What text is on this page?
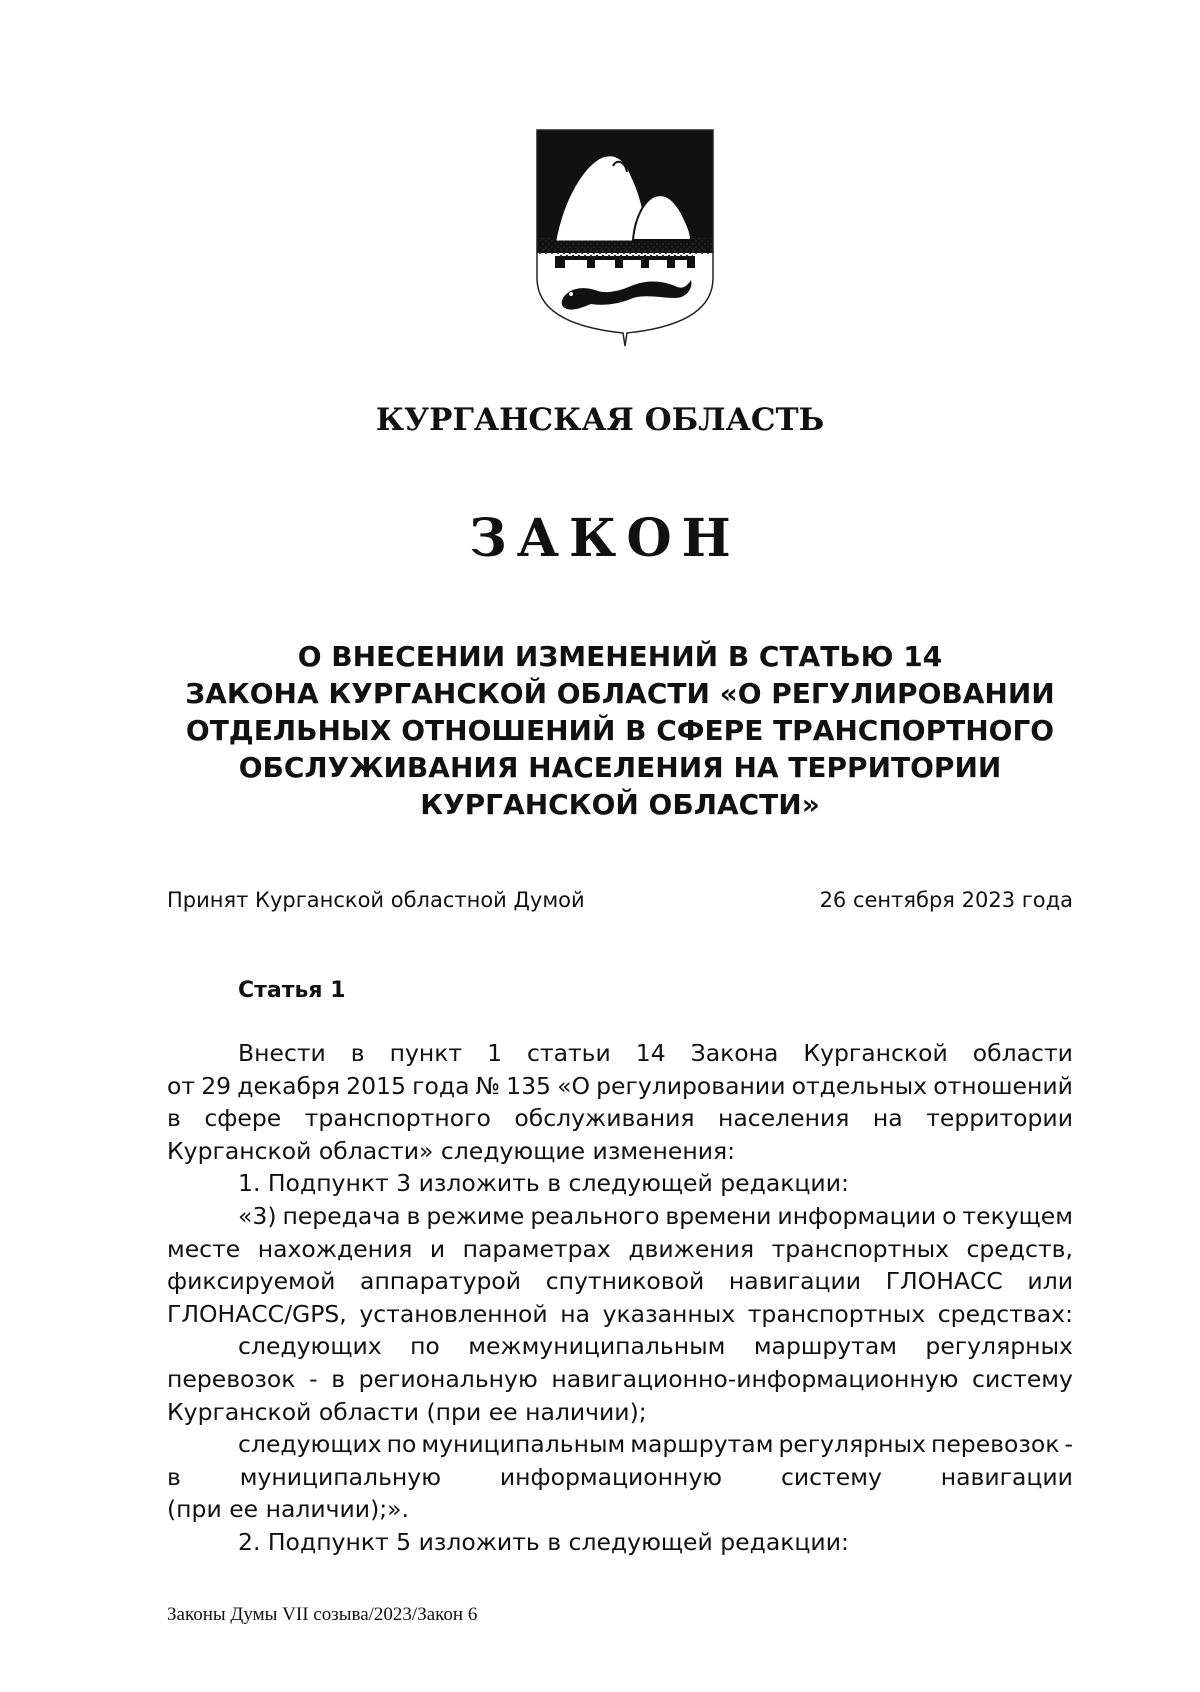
КУРГАНСКАЯ ОБЛАСТЬ
ЗАКОН
О ВНЕСЕНИИ ИЗМЕНЕНИЙ В СТАТЬЮ 14
ЗАКОНА КУРГАНСКОЙ ОБЛАСТИ «О РЕГУЛИРОВАНИИ
ОТДЕЛЬНЫХ ОТНОШЕНИЙ В СФЕРЕ ТРАНСПОРТНОГО
ОБСЛУЖИВАНИЯ НАСЕЛЕНИЯ НА ТЕРРИТОРИИ
КУРГАНСКОЙ ОБЛАСТИ»
Принят Курганской областной Думой	26 сентября 2023 года
Статья 1
Внести в пункт 1 статьи 14 Закона Курганской области
от 29 декабря 2015 года № 135 «О регулировании отдельных отношений
в сфере транспортного обслуживания населения на территории
Курганской области» следующие изменения:
1. Подпункт 3 изложить в следующей редакции:
«3) передача в режиме реального времени информации о текущем
месте нахождения и параметрах движения транспортных средств,
фиксируемой аппаратурой спутниковой навигации ГЛОНАСС или
ГЛОНАСС/GPS, установленной на указанных транспортных средствах:
следующих по межмуниципальным маршрутам регулярных
перевозок - в региональную навигационно-информационную систему
Курганской области (при ее наличии);
следующих по муниципальным маршрутам регулярных перевозок -
в	муниципальную	информационную	систему	навигации
(при ее наличии);».
2. Подпункт 5 изложить в следующей редакции:
Законы Думы VII созыва/2023/Закон 6
